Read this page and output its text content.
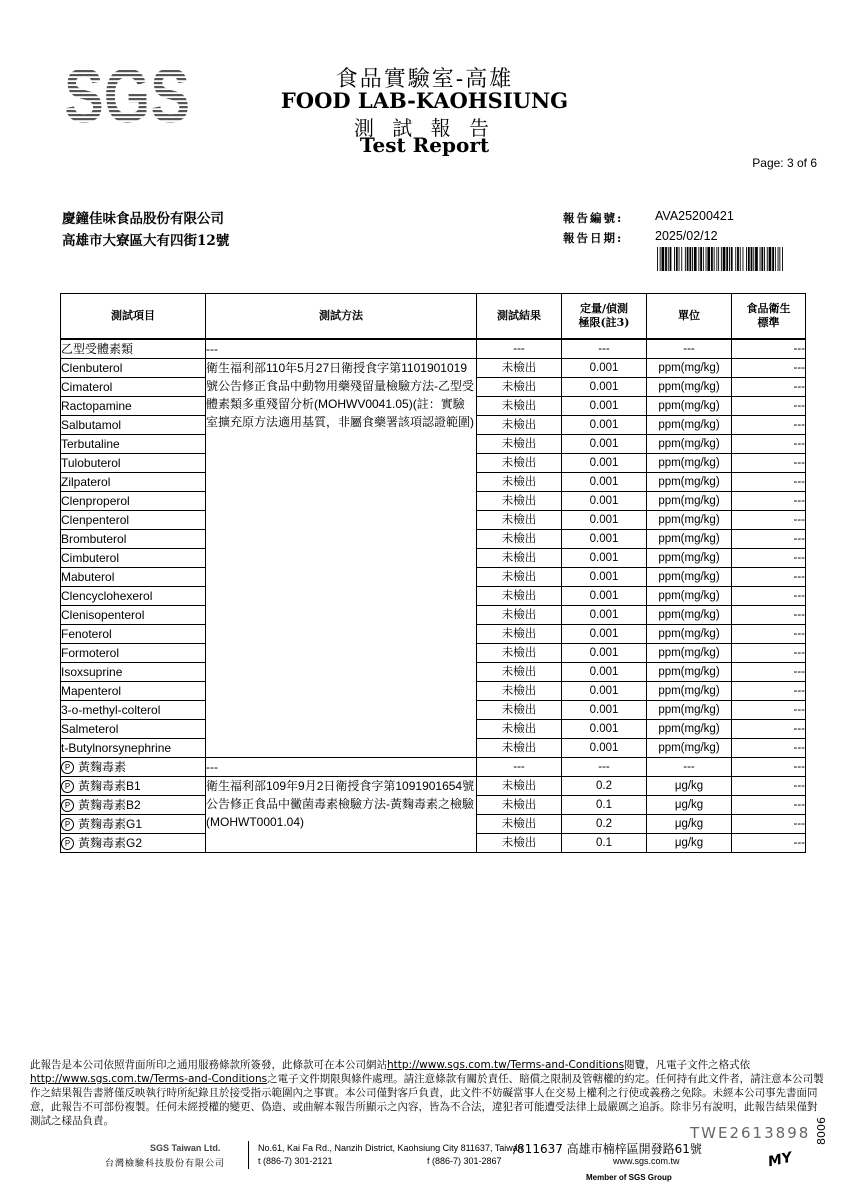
SGS	食品實驗室-高雄
FOOD LAB-KAOHSIUNG
測 試 報 告
Test Report
Page: 3 of 6
慶鐘佳味食品股份有限公司
高雄市大寮區大有四街12號
報告編號:	AVA25200421
報告日期:	2025/02/12
測試項目	測試方法	測試結果	定量/偵測 極限(註3)	單位	食品衛生 標準
乙型受體素類	---	---	---	---	---
Clenbuterol	衛生福利部110年5月27日衛授食字第1101901019號公告修正食品中動物用藥殘留量檢驗方法-乙型受體素類多重殘留分析(MOHWV0041.05)(註：實驗室擴充原方法適用基質，非屬食藥署該項認證範圍)	未檢出	0.001	ppm(mg/kg)	---
Cimaterol		未檢出	0.001	ppm(mg/kg)	---
Ractopamine		未檢出	0.001	ppm(mg/kg)	---
Salbutamol		未檢出	0.001	ppm(mg/kg)	---
Terbutaline		未檢出	0.001	ppm(mg/kg)	---
Tulobuterol		未檢出	0.001	ppm(mg/kg)	---
Zilpaterol		未檢出	0.001	ppm(mg/kg)	---
Clenproperol		未檢出	0.001	ppm(mg/kg)	---
Clenpenterol		未檢出	0.001	ppm(mg/kg)	---
Brombuterol		未檢出	0.001	ppm(mg/kg)	---
Cimbuterol		未檢出	0.001	ppm(mg/kg)	---
Mabuterol		未檢出	0.001	ppm(mg/kg)	---
Clencyclohexerol		未檢出	0.001	ppm(mg/kg)	---
Clenisopenterol		未檢出	0.001	ppm(mg/kg)	---
Fenoterol		未檢出	0.001	ppm(mg/kg)	---
Formoterol		未檢出	0.001	ppm(mg/kg)	---
Isoxsuprine		未檢出	0.001	ppm(mg/kg)	---
Mapenterol		未檢出	0.001	ppm(mg/kg)	---
3-o-methyl-colterol		未檢出	0.001	ppm(mg/kg)	---
Salmeterol		未檢出	0.001	ppm(mg/kg)	---
t-Butylnorsynephrine		未檢出	0.001	ppm(mg/kg)	---
P 黃麴毒素	---	---	---	---	---
P 黃麴毒素B1	衛生福利部109年9月2日衛授食字第1091901654號公告修正食品中黴菌毒素檢驗方法-黃麴毒素之檢驗(MOHWT0001.04)	未檢出	0.2	μg/kg	---
P 黃麴毒素B2		未檢出	0.1	μg/kg	---
P 黃麴毒素G1		未檢出	0.2	μg/kg	---
P 黃麴毒素G2		未檢出	0.1	μg/kg	---
此報告是本公司依照背面所印之通用服務條款所簽發，此條款可在本公司網站http://www.sgs.com.tw/Terms-and-Conditions閱覽，凡電子文件之格式依
http://www.sgs.com.tw/Terms-and-Conditions之電子文件期限與條件處理。請注意條款有關於責任、賠償之限制及管轄權的約定。任何持有此文件者，請注意本公司製作之結果報告書將僅反映執行時所紀錄且於接受指示範圍內之事實。本公司僅對客戶負責，此文件不妨礙當事人在交易上權利之行使或義務之免除。未經本公司事先書面同意，此報告不可部份複製。任何未經授權的變更、偽造、或曲解本報告所顯示之內容，皆為不合法，違犯者可能遭受法律上最嚴厲之追訴。除非另有說明，此報告結果僅對測試之樣品負責。
SGS Taiwan Ltd.
台灣檢驗科技股份有限公司
No.61, Kai Fa Rd., Nanzih District, Kaohsiung City 811637, Taiwan
/811637 高雄市楠梓區開發路61號
t (886-7) 301-2121	f (886-7) 301-2867	www.sgs.com.tw
Member of SGS Group
TWE2613898 8006
MY
